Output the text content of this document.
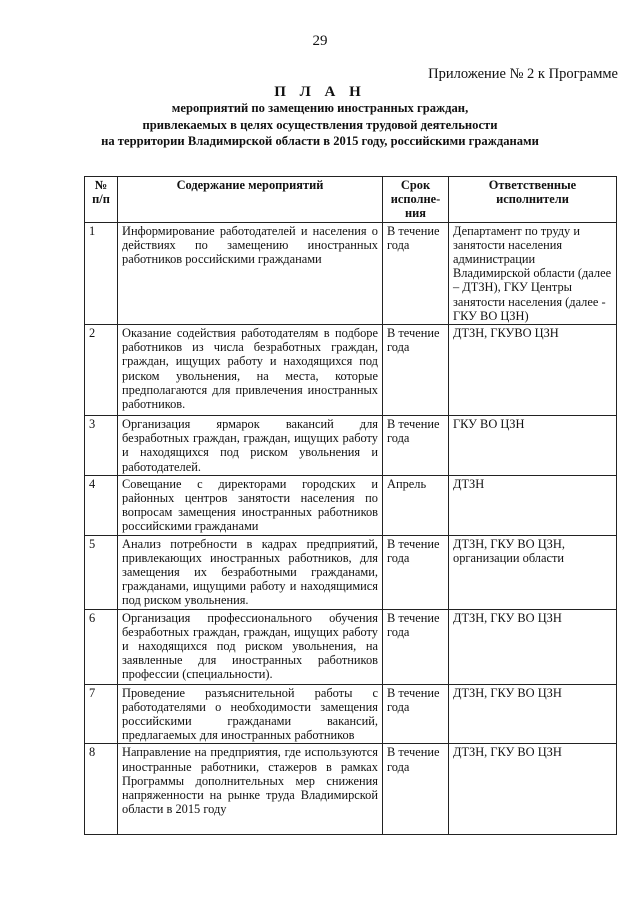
29
Приложение № 2 к Программе
П Л А Н
мероприятий по замещению иностранных граждан,
привлекаемых в целях осуществления трудовой деятельности
на территории Владимирской области в 2015 году, российскими гражданами
№ п/п	Содержание мероприятий	Срок исполне-ния	Ответственные исполнители
1	Информирование работодателей и населения о действиях по замещению иностранных работников российскими гражданами	В течение года	Департамент по труду и занятости населения администрации Владимирской области (далее – ДТЗН), ГКУ Центры занятости населения (далее - ГКУ ВО ЦЗН)
2	Оказание содействия работодателям в подборе работников из числа безработных граждан, граждан, ищущих работу и находящихся под риском увольнения, на места, которые предполагаются для привлечения иностранных работников.	В течение года	ДТЗН, ГКУВО ЦЗН
3	Организация ярмарок вакансий для безработных граждан, граждан, ищущих работу и находящихся под риском увольнения и работодателей.	В течение года	ГКУ ВО ЦЗН
4	Совещание с директорами городских и районных центров занятости населения по вопросам замещения иностранных работников российскими гражданами	Апрель	ДТЗН
5	Анализ потребности в кадрах предприятий, привлекающих иностранных работников, для замещения их безработными гражданами, гражданами, ищущими работу и находящимися под риском увольнения.	В течение года	ДТЗН, ГКУ ВО ЦЗН, организации области
6	Организация профессионального обучения безработных граждан, граждан, ищущих работу и находящихся под риском увольнения, на заявленные для иностранных работников профессии (специальности).	В течение года	ДТЗН, ГКУ ВО ЦЗН
7	Проведение разъяснительной работы с работодателями о необходимости замещения российскими гражданами вакансий, предлагаемых для иностранных работников	В течение года	ДТЗН, ГКУ ВО ЦЗН
8	Направление на предприятия, где используются иностранные работники, стажеров в рамках Программы дополнительных мер снижения напряженности на рынке труда Владимирской области в 2015 году	В течение года	ДТЗН, ГКУ ВО ЦЗН
